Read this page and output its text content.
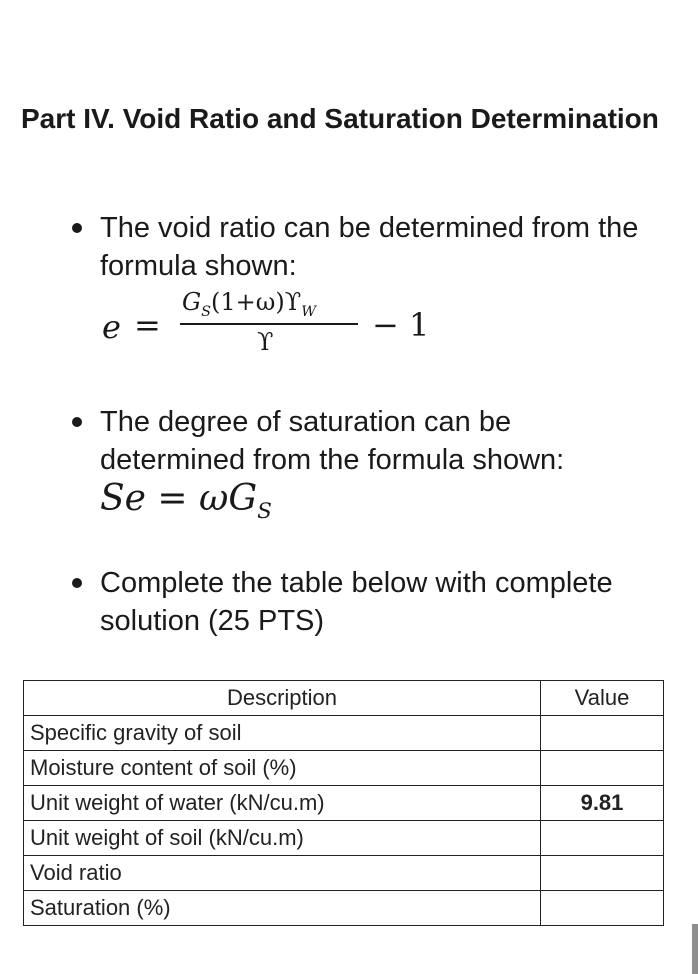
Part IV. Void Ratio and Saturation Determination
The void ratio can be determined from the formula shown:
e =
$G_S(1+\omega)ϒ_W$
ϒ	− 1
The degree of saturation can be determined from the formula shown:
$Se = \omega G_S$
Complete the table below with complete solution (25 PTS)
Description	Value
Specific gravity of soil	
Moisture content of soil (%)	
Unit weight of water (kN/cu.m)	9.81
Unit weight of soil (kN/cu.m)	
Void ratio	
Saturation (%)	
